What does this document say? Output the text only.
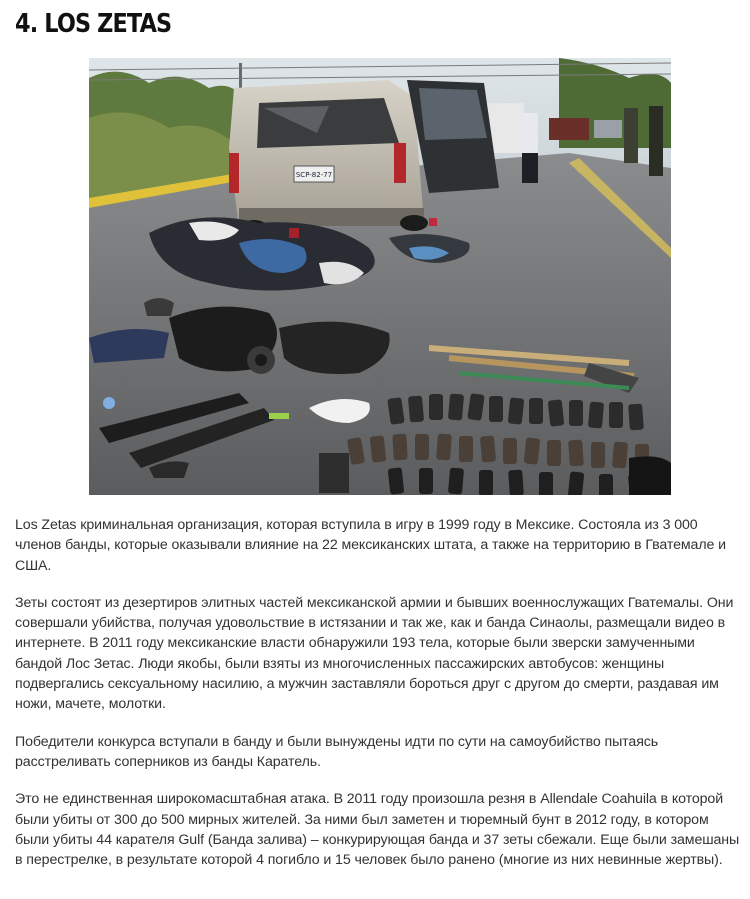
4. LOS ZETAS
SCP-82-77

Los Zetas криминальная организация, которая вступила в игру в 1999 году в Мексике. Состояла из 3 000 членов банды, которые оказывали влияние на 22 мексиканских штата, а также на территорию в Гватемале и США.

Зеты состоят из дезертиров элитных частей мексиканской армии и бывших военнослужащих Гватемалы. Они совершали убийства, получая удовольствие в истязании и так же, как и банда Синаолы, размещали видео в интернете. В 2011 году мексиканские власти обнаружили 193 тела, которые были зверски замученными бандой Лос Зетас. Люди якобы, были взяты из многочисленных пассажирских автобусов: женщины подвергались сексуальному насилию, а мужчин заставляли бороться друг с другом до смерти, раздавая им ножи, мачете, молотки.

Победители конкурса вступали в банду и были вынуждены идти по сути на самоубийство пытаясь расстреливать соперников из банды Каратель.

Это не единственная широкомасштабная атака. В 2011 году произошла резня в Allendale Coahuila в которой были убиты от 300 до 500 мирных жителей. За ними был заметен и тюремный бунт в 2012 году, в котором были убиты 44 карателя Gulf (Банда залива) – конкурирующая банда и 37 зеты сбежали. Еще были замешаны в перестрелке, в результате которой 4 погибло и 15 человек было ранено (многие из них невинные жертвы).
